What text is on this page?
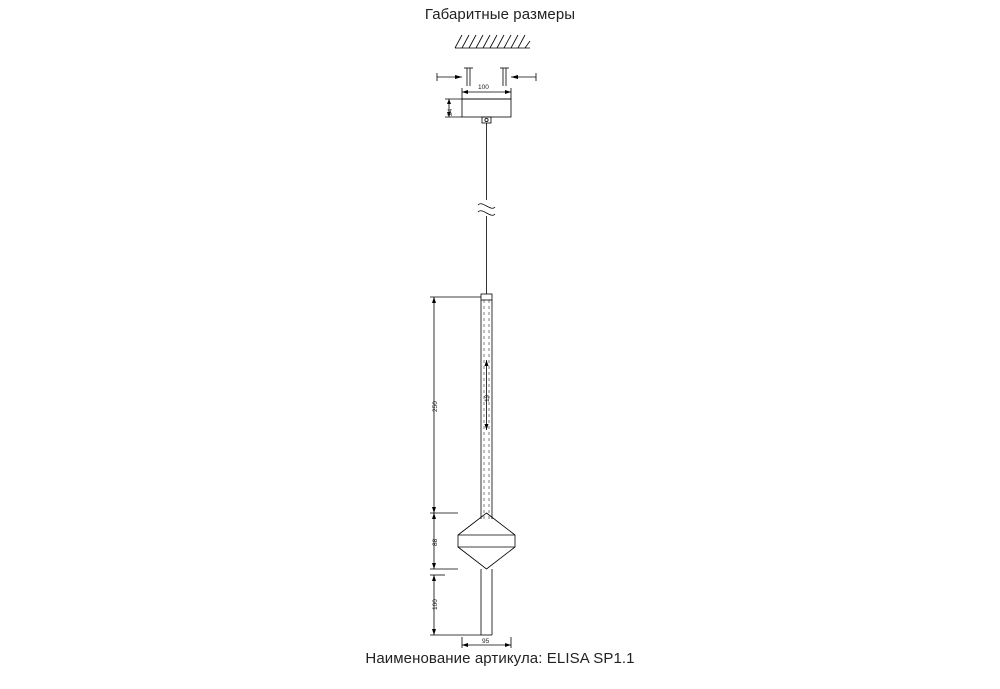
Габаритные размеры
100
24
250
19
88
100
95
Наименование артикула: ELISA SP1.1
